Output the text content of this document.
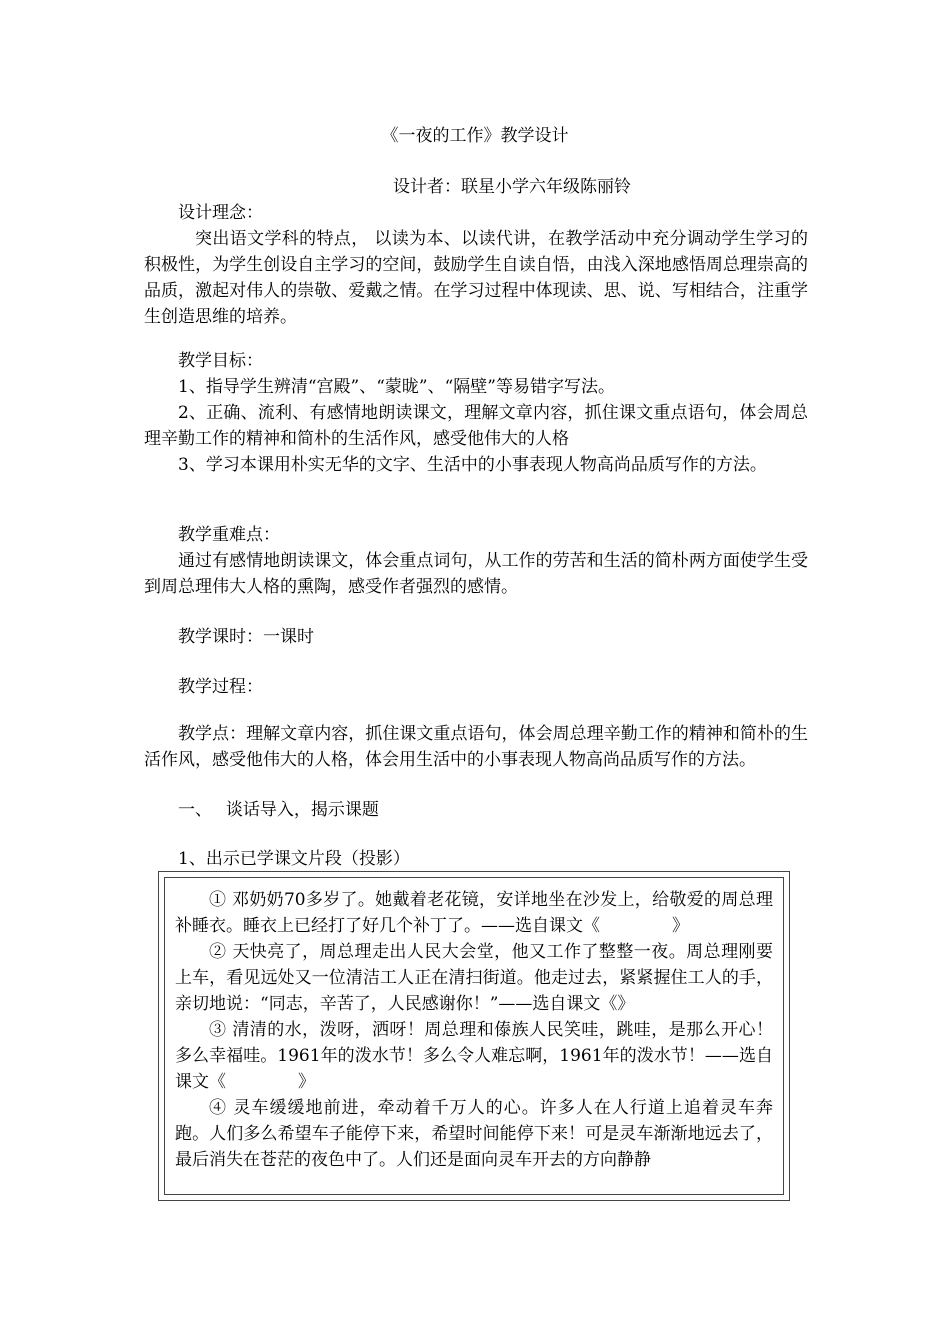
《一夜的工作》教学设计
设计者：联星小学六年级陈丽铃

设计理念：

突出语文学科的特点， 以读为本、以读代讲，在教学活动中充分调动学生学习的积极性，为学生创设自主学习的空间，鼓励学生自读自悟，由浅入深地感悟周总理崇高的品质，激起对伟人的崇敬、爱戴之情。在学习过程中体现读、思、说、写相结合，注重学生创造思维的培养。

教学目标：

1、指导学生辨清“宫殿”、“蒙昽”、“隔壁”等易错字写法。

2、正确、流利、有感情地朗读课文，理解文章内容，抓住课文重点语句，体会周总理辛勤工作的精神和简朴的生活作风，感受他伟大的人格

3、学习本课用朴实无华的文字、生活中的小事表现人物高尚品质写作的方法。

教学重难点：

通过有感情地朗读课文，体会重点词句，从工作的劳苦和生活的简朴两方面使学生受到周总理伟大人格的熏陶，感受作者强烈的感情。

教学课时：一课时

教学过程：

教学点：理解文章内容，抓住课文重点语句，体会周总理辛勤工作的精神和简朴的生活作风，感受他伟大的人格，体会用生活中的小事表现人物高尚品质写作的方法。

一、　 谈话导入，揭示课题

1、出示已学课文片段（投影）

① 邓奶奶70多岁了。她戴着老花镜，安详地坐在沙发上，给敬爱的周总理补睡衣。睡衣上已经打了好几个补丁了。——选自课文《	》

② 天快亮了，周总理走出人民大会堂，他又工作了整整一夜。周总理刚要上车，看见远处又一位清洁工人正在清扫街道。他走过去，紧紧握住工人的手，亲切地说：“同志，辛苦了，人民感谢你！”——选自课文《》

③ 清清的水，泼呀，洒呀！周总理和傣族人民笑哇，跳哇，是那么开心！多么幸福哇。1961年的泼水节！多么令人难忘啊，1961年的泼水节！——选自课文《	》

④ 灵车缓缓地前进，牵动着千万人的心。许多人在人行道上追着灵车奔跑。人们多么希望车子能停下来，希望时间能停下来！可是灵车渐渐地远去了，最后消失在苍茫的夜色中了。人们还是面向灵车开去的方向静静
